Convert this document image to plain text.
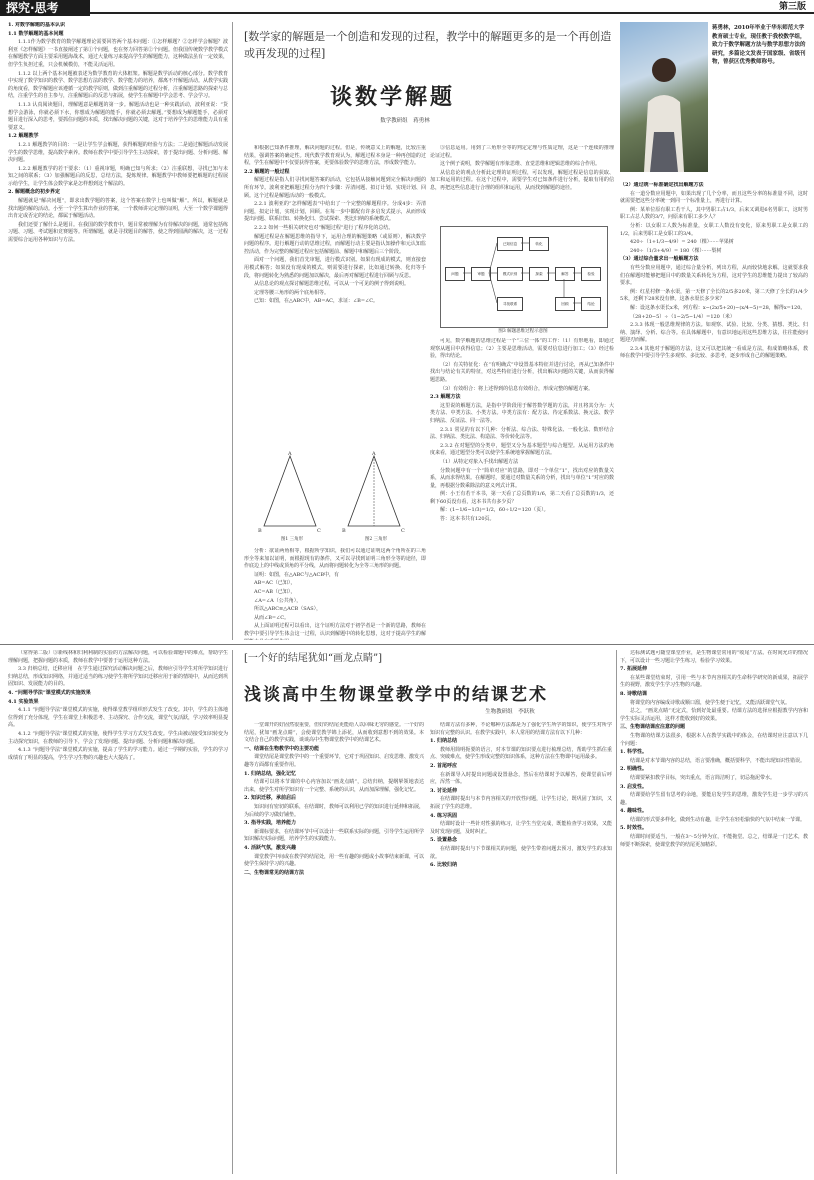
探究·思考	第三版

1. 对数学解题的基本认识

1.1 数学解题的基本问题

1.1.1作为数学教育的数学解题理论需要回答两个基本问题：①怎样解题？②怎样学会解题？波利亚《怎样解题》一书直接阐述了第①个问题，也在努力回答第②个问题。但我国传统数学教学模式在解题教学方面主要采用题海战术，通过大量练习来提高学生的解题能力，这种做法虽有一定效果，但学生负担过重，只会机械模仿，不能灵活运用。

1.1.2 以上两个基本问题被表述为数学教育的大体框架。解题是数学活动的核心部分。数学教育中实现了数学知识的教学、数学思想方法的教学、数学能力的培养，都离不开解题活动。从教学实践的角度看，数学解题应该遵循一定的教学原则，做到注重解题的过程分析，注重解题思路的探索与总结，注重学生的自主参与，注重解题后的反思与拓展，使学生在解题中学会思考、学会学习。

1.1.3 认真阅读题目，理解题意是解题的第一步。解题活动也是一种实践活动，波利亚说：“货想学会游泳，你就必须下水，你想成为解题的能手，你就必须去解题。”要想成为解题能手，必须对题目进行深入的思考，要抓住问题的本质，找出解决问题的关键，这对于培养学生的思维能力具有重要意义。

1.2 解题教学

1.2.1 解题教学的目的：一是让学生学会解题，获得解题的经验与方法；二是通过解题活动发展学生的数学思维，提高数学素养。教师在教学中要引导学生主动探索，善于提出问题、分析问题、解决问题。

1.2.2 解题教学的若干要求：（1）重视审题，明确已知与所求；（2）注重联想，寻找已知与未知之间的联系；（3）加强解题后的反思，总结方法，提炼规律。解题教学中教师要把解题的过程展示给学生，让学生体会数学家是怎样想到这个解法的。

2. 解题概念的初步界定

解题就是“解决问题”，即求出数学题的答案，这个答案在数学上也叫做“解”。所以，解题就是找出题的解的活动。小至一个学生算出作业的答案，一个教师讲完定理的证明，大至一个数学课题得出肯定或否定的结论，都属于解题活动。

我们还要了解什么是题目。在我国的数学教育中，题目常被理解为有待解决的问题，通常包括练习题、习题、考试题和竞赛题等。所谓解题，就是寻找题目的解答，使之得到圆满的解决，这一过程需要综合运用各种知识与方法。

[数学家的解题是一个创造和发现的过程，教学中的解题更多的是一个再创造或再发现的过程]
谈数学解题
数学教研组　蒋勇林
蒋勇林，2010年毕业于华东师范大学教育硕士专业，现任教于我校数学组，致力于数学解题方法与数学思想方法的研究，多篇论文发表于国家级、省级刊物，曾获区优秀教师称号。

和根据已知条件推理，解决问题的过程。但是，传统意义上的解题，比较注重结果，强调答案的确定性。现代数学教育观认为，解题过程本身是一种再创造的过程，学生在解题中不仅要获得答案，更要体验数学的思维方法，形成数学能力。

2.2 解题的一般过程

解题过程是指人们寻找问题答案的活动，它包括从接触问题到完全解决问题的所有环节。波利亚把解题过程分为四个步骤：弄清问题、拟订计划、实现计划、回顾。这个过程是解题活动的一般模式。

2.2.1 波利亚的“怎样解题表”中给出了一个完整的解题程序。分成4步：弄清问题，拟定计划，实现计划，回顾。在每一步中都配有许多启发式提示，从而形成提出问题、联系旧知、转换化归、尝试探索、类比归纳的系统模式。

2.2.2 如何一些相关研究也对“解题过程”进行了程序化的总结。

解题过程是在解题思维的指导下，运用合理的解题策略（或原则），解决数学问题的程序。进行解题行动的思维过程，而解题行动主要是指认知操作和元认知监控活动，作为完整的解题过程应包括解题前、解题中和解题后三个阶段。

面对一个问题，我们首先审题，进行模式识别。如果有现成的模式，则直接套用模式解答；如果没有现成的模式，则需要进行探索，比如通过转换、化归等手段，将问题转化为熟悉的问题加以解决，最后再对解题过程进行回顾与反思。

从信息论的观点探讨解题思维过程，可以从一个可见的例子得到说明。

定理等腰三角形的两个底角相等。

已知：如图，在△ABC中，AB=AC，求证：∠B=∠C。

A
B	C
A
B	C
图1 三角形	图2 三角形

分析：欲证两角相等，根据所学知识，我们可以通过证明这两个角所在的三角形全等来加以证明，而根据现有的条件，又可以寻找到证明三角形全等的途径，即作底边上的中线或顶角的平分线，从而将问题转化为全等三角形的问题。

证明：如图，在△ABC与△ACB中，有

AB=AC（已知），

AC=AB（已知），

∠A=∠A（公共角），

所以△ABC≌△ACB（SAS），

从而∠B=∠C。

从上面证明过程可以看出，这个证明方法对于初学者是一个新的思路，教师在教学中要引导学生体会这一过程，认识到解题中的转化思想，这对于提高学生的解

③信息运用。用到了三角形全等的判定定理与性质定理，这是一个连续的推理论证过程。

这个例子说明，数学解题有形象思维、直觉思维和逻辑思维的综合作用。

从信息论的观点分析此定理的证明过程，可以发现，解题过程是信息的获取、加工和运用的过程。在这个过程中，需要学生对已知条件进行分析，提取有用的信息，再把这些信息进行合理的组织和运用，从而找到解题的途径。

问题	审题
已知信息
模式识别
寻找联系
转化
探索	解答	检验
回顾	结论
图3 解题思维过程示意图

可见，数学解题的思维过程是一个“三位一体”的工作：（1）有形地看，即通过观察从题目中获得信息；（2）主要是思维活动，需要对信息进行加工；（3）经过检验，得出结论。

（2）有关特征化：在“有明确式”中设置基本特征并进行讨论，再从已知条件中找出与结论有关的特征，对这些特征进行分析，找出解决问题的关键，从而获得解题思路。

（3）有效组合：将上述得到的信息有效组合，形成完整的解题方案。

2.3 解题方法

这里说的解题方法，是指中学阶段用于解答数学题的方法，并且将其分为：大类方法、中类方法、小类方法。中类方法有：配方法、待定系数法、换元法、数学归纳法、反证法、同一法等。

2.3.1 常见的有以下几种：分析法、综合法、特殊化法、一般化法、数形结合法、归纳法、类比法、构造法、等价转化法等。

2.3.2 在对题型的分类中，题型又分为基本题型与综合题型。从运用方法的角度来看，通过题型分类可以使学生系统地掌握解题方法。

（1）从特定对象入手找出解题方法

分数问题中有一个“简单对应”的思路，即对一个单位“1”，找出对应的数量关系，从而求得结果。在解题时，要通过对数量关系的分析，找出与单位“1”对应的数量，再根据分数乘除法的意义列式计算。

例：小王有若干本书，第一天看了总页数的1/6，第二天看了总页数的1/3，还剩下60页没有看，这本书共有多少页？

解：(1−1/6−1/3)=1/2，60÷1/2=120（页）。

答：这本书共有120页。

（2）通过统一标准确定找出解题方法

在一道分数应用题中，如果出现了几个分率，而且这些分率的标准量不同，这时就需要把这些分率统一到同一个标准量上，再进行计算。

例：某单位原有职工若干人，其中男职工占1/3，后来又调进6名男职工，这时男职工占总人数的3/7，问原来有职工多少人？

分析：以女职工人数为标准量，女职工人数没有变化，原来男职工是女职工的1/2，后来男职工是女职工的3/4。

420÷（1+1/3−4/9）= 240（棵）······苹果树

240÷（1/3+4/9）= 180（棵）······梨树

（3）通过综合量求出一般解题方法

有些分数应用题中，通过综合量分析，列出方程，从而较快地求解。这就要求我们在解题时能够把题目中的数量关系转化为方程，这对学生的思维能力提出了较高的要求。

例：红星村修一条水渠，第一天修了全长的2/5多20米，第二天修了全长的1/4少5米，还剩下28米没有修。这条水渠长多少米？

解：设这条水渠长x米，列方程：x−(2x/5+20)−(x/4−5)=28，解得x=120。

（28+20−5）÷（1−2/5−1/4）=120（米）

2.3.3 体现一般思维规律的方法。如观察、试验、比较、分类、猜想、类比、归纳、演绎、分析、综合等。在具体解题中，有意识地运用这些思维方法，往往能使问题迎刃而解。

2.3.4 其他对于解题的方法，这又可以把其统一看成是方法，构成策略体系，教师在教学中要引导学生多观察、多比较、多思考，逐步形成自己的解题策略。

（常得第二版）③新线林和归利利制的实验的方法解决问题，可以检验课题中的难点，帮助学生理解问题，把握问题的本质，教师在教学中要善于运用这种方法。

3.3 归纳总结，迁移应用　在学生通过探究活动解决问题之后，教师应引导学生对所学知识进行归纳总结，形成知识网络，并通过适当的练习使学生将所学知识迁移应用于新的情境中，从而达到巩固知识、发展能力的目的。

4. “问题导学法”课堂模式的实施效果

4.1 实验效果

4.1.1 “问题导学法”课堂模式的实施，使得课堂教学组织形式发生了改变。其中，学生的主体地位得到了充分体现，学生在课堂上积极思考、主动探究、合作交流，课堂气氛活跃，学习效率明显提高。

4.1.2 “问题导学法”课堂模式的实施，使得学生学习方式发生改变。学生由被动接受知识转变为主动探究知识，在教师的引导下，学会了发现问题、提出问题、分析问题和解决问题。

4.1.3 “问题导学法”课堂模式的实施，提高了学生的学习能力。通过一学期的实验，学生的学习成绩有了明显的提高，学生学习生物的兴趣也大大提高了。

[一个好的结尾犹如“画龙点睛”]
浅谈高中生物课堂教学中的结课艺术
生物教研组　李跃秋

一堂课开的好固然很重要，但好的结尾更能给人以回味无穷的感觉。一个好的结尾，犹如“画龙点睛”，会使课堂教学锦上添花，从而收到意想不到的效果。本文结合自己的教学实践，谈谈高中生物课堂教学中的结课艺术。

一、结课在生物教学中的主要功能

课堂结尾是课堂教学中的一个重要环节，它对于巩固知识、启发思维、激发兴趣等方面都有重要作用。

1. 归纳总结，强化记忆

结课可以将本节课的中心内容加以“画龙点睛”，总结归纳，提纲挈领地表达出来，使学生对所学知识有一个完整、系统的认识，从而加深理解，强化记忆。

2. 知识迁移，承前启后

知识间有密切的联系，在结课时，教师可以利用已学的知识进行延伸和拓展，为后续的学习做好铺垫。

3. 指导实践，培养能力

新课标要求，在结课环节中可以设计一些联系实际的问题，引导学生运用所学知识解决实际问题，培养学生的实践能力。

4. 活跃气氛，激发兴趣

课堂教学中间或在教学的结尾处，用一些有趣的问题或小故事结束新课，可以使学生保持学习的兴趣。

二、生物课常见的结课方法

结课方法有多种，不论哪种方法都是为了强化学生所学的知识，使学生对所学知识有完整的认识。在教学实践中，本人常用的结课方法有以下几种：

1. 归纳总结

教师用简明扼要的语言，对本节课的知识要点进行梳理总结，帮助学生抓住重点、突破难点，使学生形成完整的知识体系，这种方法在生物课中运用最多。

2. 首尾呼应

在新课导入时提出问题或设置悬念，然后在结课时予以解答，使课堂前后呼应，浑然一体。

3. 讨论延伸

在结课时提出与本节内容相关的开放性问题，让学生讨论，既巩固了知识，又拓展了学生的思维。

4. 练习巩固

结课时设计一些针对性强的练习，让学生当堂完成，既能检查学习效果，又能及时发现问题，及时纠正。

5. 设置悬念

在结课时提出与下节课相关的问题，使学生带着问题去预习，激发学生的求知欲。

6. 比较归纳

达标测试题可随堂课堂作业，是生物课堂常用的“收尾”方法。在时间允许的情况下，可以设计一些习题让学生练习，检验学习效果。

7. 拓展延伸

在某些课堂结束时，引用一些与本节内容相关的生命科学研究的新成果，拓展学生的视野，激发学生学习生物的兴趣。

8. 诗歌结课

将课堂的内容编成诗歌或顺口溜，使学生便于记忆，又能活跃课堂气氛。

总之，“画龙点睛”无定式，恰到好处最重要。结课方法的选择应根据教学内容和学生实际灵活运用，这样才能收到好的效果。

三、生物课结课应注意的问题

生物课的结课方法很多，根据本人在教学实践中的体会，在结课时应注意以下几个问题：

1. 科学性。

结课是对本节课内容的总结，语言要准确，概括要科学，不能出现知识性错误。

2. 明确性。

结课要紧扣教学目标，突出重点，语言简洁明了，切忌拖泥带水。

3. 启发性。

结课要给学生留有思考的余地，要能启发学生的思维，激发学生进一步学习的兴趣。

4. 趣味性。

结课的形式要多样化，做到生动有趣，让学生在轻松愉快的气氛中结束一节课。

5. 时效性。

结课时间要适当，一般在3～5分钟为宜，不能拖堂。总之，结课是一门艺术，教师要不断探索，使课堂教学的结尾更加精彩。
